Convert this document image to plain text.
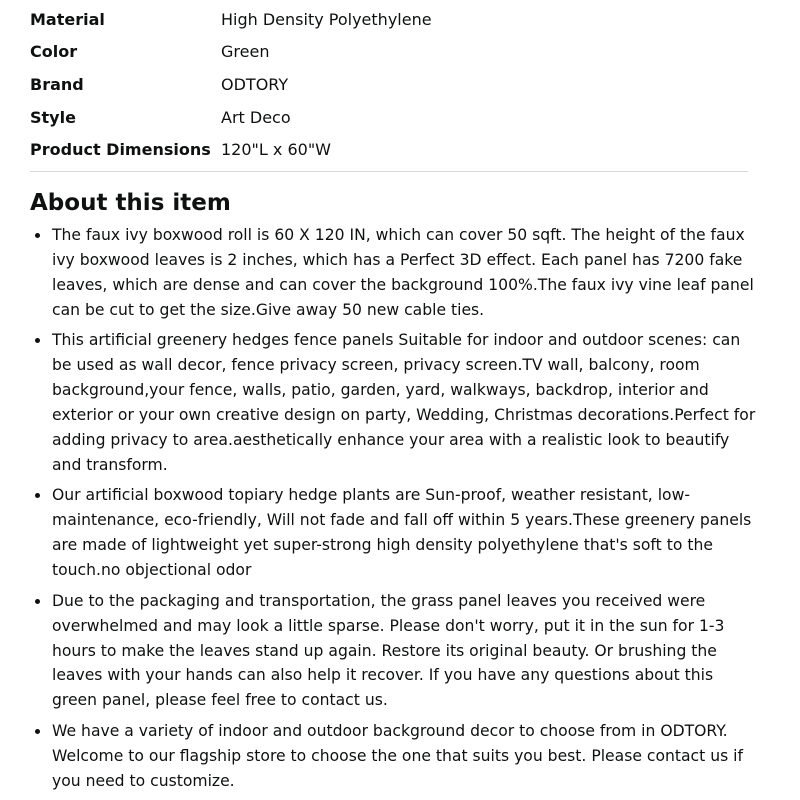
Material	High Density Polyethylene
Color	Green
Brand	ODTORY
Style	Art Deco
Product Dimensions 120"L x 60"W
About this item
The faux ivy boxwood roll is 60 X 120 IN, which can cover 50 sqft. The height of the faux ivy boxwood leaves is 2 inches, which has a Perfect 3D effect. Each panel has 7200 fake leaves, which are dense and can cover the background 100%.The faux ivy vine leaf panel can be cut to get the size.Give away 50 new cable ties.
This artificial greenery hedges fence panels Suitable for indoor and outdoor scenes: can be used as wall decor, fence privacy screen, privacy screen.TV wall, balcony, room background,your fence, walls, patio, garden, yard, walkways, backdrop, interior and exterior or your own creative design on party, Wedding, Christmas decorations.Perfect for adding privacy to area.aesthetically enhance your area with a realistic look to beautify and transform.
Our artificial boxwood topiary hedge plants are Sun-proof, weather resistant, low-maintenance, eco-friendly, Will not fade and fall off within 5 years.These greenery panels are made of lightweight yet super-strong high density polyethylene that's soft to the touch.no objectional odor
Due to the packaging and transportation, the grass panel leaves you received were overwhelmed and may look a little sparse. Please don't worry, put it in the sun for 1-3 hours to make the leaves stand up again. Restore its original beauty. Or brushing the leaves with your hands can also help it recover. If you have any questions about this green panel, please feel free to contact us.
We have a variety of indoor and outdoor background decor to choose from in ODTORY. Welcome to our flagship store to choose the one that suits you best. Please contact us if you need to customize.
